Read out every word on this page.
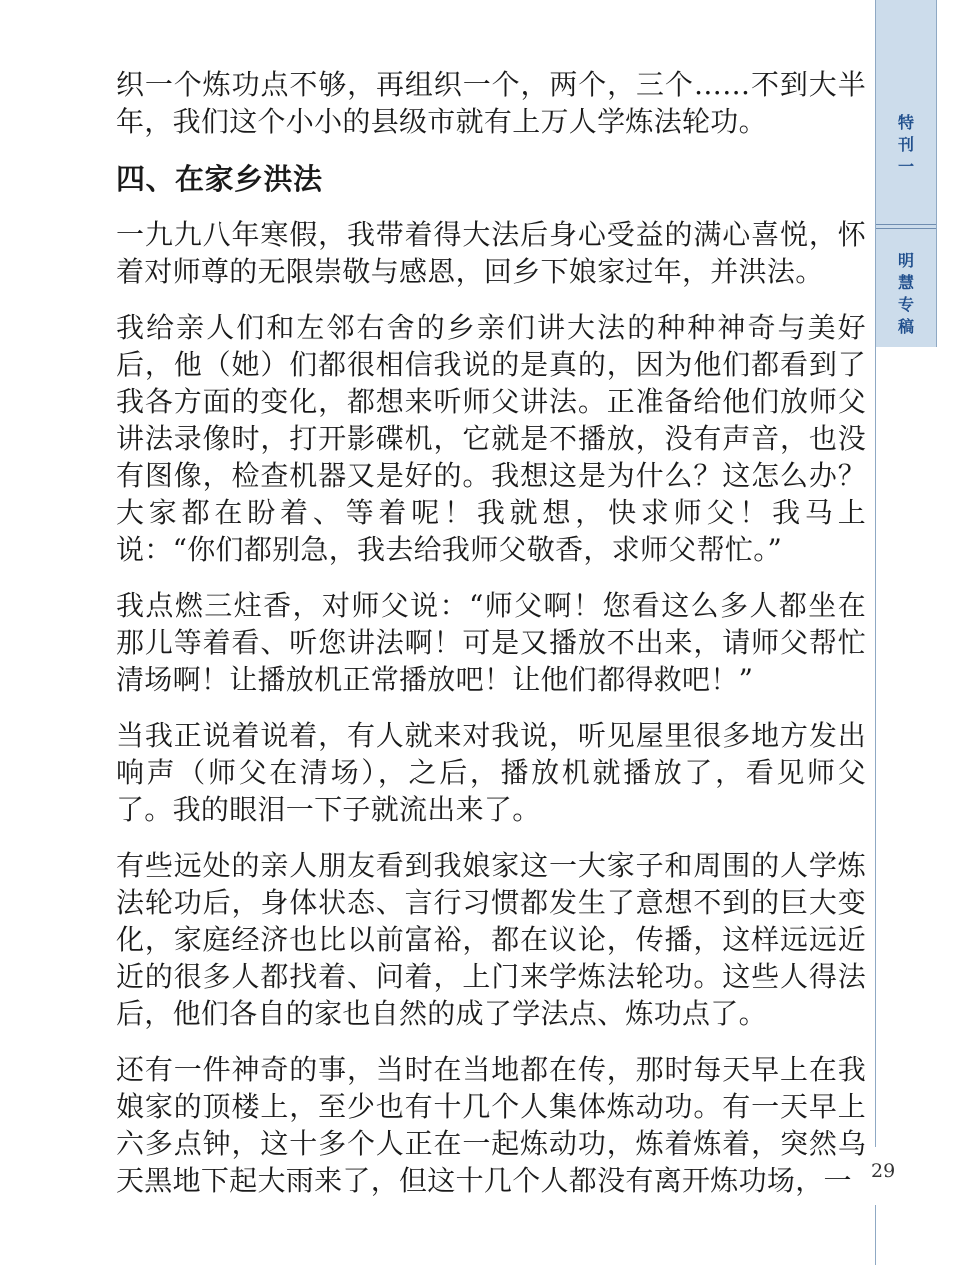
织一个炼功点不够，再组织一个，两个，三个……不到大半年，我们这个小小的县级市就有上万人学炼法轮功。

四、在家乡洪法

一九九八年寒假，我带着得大法后身心受益的满心喜悦，怀着对师尊的无限崇敬与感恩，回乡下娘家过年，并洪法。

我给亲人们和左邻右舍的乡亲们讲大法的种种神奇与美好后，他（她）们都很相信我说的是真的，因为他们都看到了我各方面的变化，都想来听师父讲法。正准备给他们放师父讲法录像时，打开影碟机，它就是不播放，没有声音，也没有图像，检查机器又是好的。我想这是为什么？这怎么办？大家都在盼着、等着呢！我就想，快求师父！我马上说：“你们都别急，我去给我师父敬香，求师父帮忙。”

我点燃三炷香，对师父说：“师父啊！您看这么多人都坐在那儿等着看、听您讲法啊！可是又播放不出来，请师父帮忙清场啊！让播放机正常播放吧！让他们都得救吧！”

当我正说着说着，有人就来对我说，听见屋里很多地方发出响声（师父在清场），之后，播放机就播放了，看见师父了。我的眼泪一下子就流出来了。

有些远处的亲人朋友看到我娘家这一大家子和周围的人学炼法轮功后，身体状态、言行习惯都发生了意想不到的巨大变化，家庭经济也比以前富裕，都在议论，传播，这样远远近近的很多人都找着、问着，上门来学炼法轮功。这些人得法后，他们各自的家也自然的成了学法点、炼功点了。

还有一件神奇的事，当时在当地都在传，那时每天早上在我娘家的顶楼上，至少也有十几个人集体炼动功。有一天早上六多点钟，这十多个人正在一起炼动功，炼着炼着，突然乌天黑地下起大雨来了，但这十几个人都没有离开炼功场，一

特
刊
一
明
慧
专
稿
29
